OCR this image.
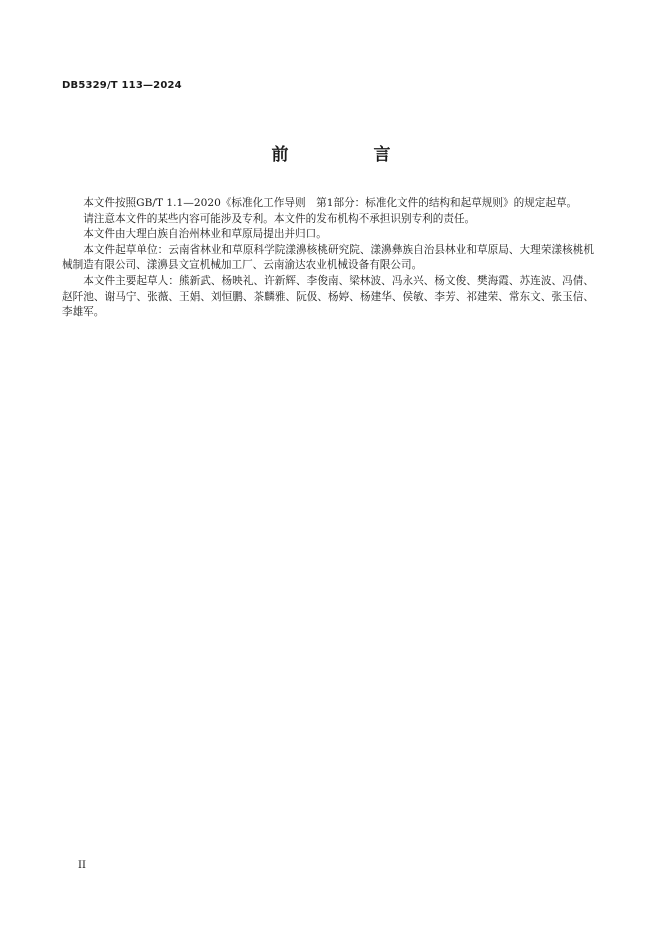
DB5329/T 113—2024
前　言

本文件按照GB/T 1.1—2020《标准化工作导则　第1部分：标准化文件的结构和起草规则》的规定起草。

请注意本文件的某些内容可能涉及专利。本文件的发布机构不承担识别专利的责任。

本文件由大理白族自治州林业和草原局提出并归口。

本文件起草单位：云南省林业和草原科学院漾濞核桃研究院、漾濞彝族自治县林业和草原局、大理荣漾核桃机械制造有限公司、漾濞县文宣机械加工厂、云南渝达农业机械设备有限公司。

本文件主要起草人：熊新武、杨映礼、许新辉、李俊南、梁林波、冯永兴、杨文俊、樊海霞、苏连波、冯倩、赵阡池、谢马宁、张薇、王娟、刘恒鹏、茶麟雅、阮伋、杨婷、杨建华、侯敏、李芳、祁建荣、常东文、张玉信、李雄军。

II
